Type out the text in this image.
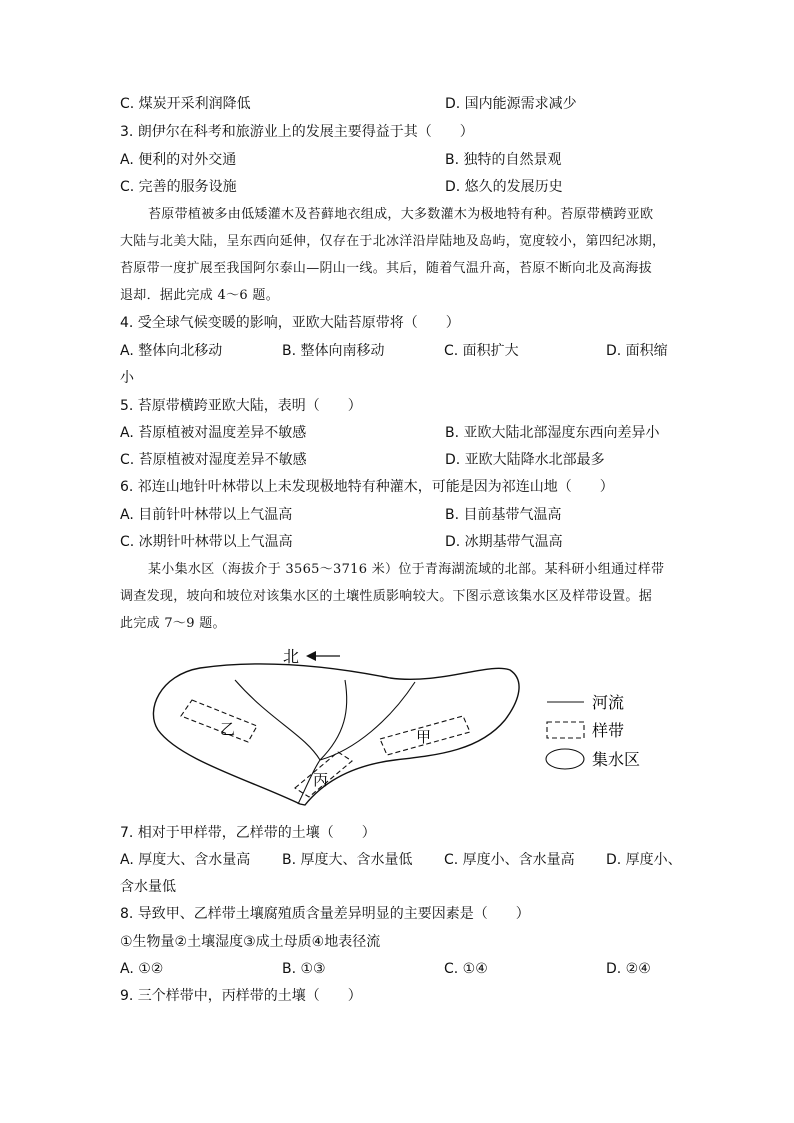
C. 煤炭开采利润降低	D. 国内能源需求减少
3. 朗伊尔在科考和旅游业上的发展主要得益于其（　　）
A. 便利的对外交通	B. 独特的自然景观
C. 完善的服务设施	D. 悠久的发展历史
苔原带植被多由低矮灌木及苔藓地衣组成，大多数灌木为极地特有种。苔原带横跨亚欧
大陆与北美大陆，呈东西向延伸，仅存在于北冰洋沿岸陆地及岛屿，宽度较小，第四纪冰期，
苔原带一度扩展至我国阿尔泰山—阴山一线。其后，随着气温升高，苔原不断向北及高海拔
退却．据此完成 4～6 题。
4. 受全球气候变暖的影响，亚欧大陆苔原带将（　　）
A. 整体向北移动	B. 整体向南移动	C. 面积扩大	D. 面积缩
小
5. 苔原带横跨亚欧大陆，表明（　　）
A. 苔原植被对温度差异不敏感	B. 亚欧大陆北部湿度东西向差异小
C. 苔原植被对湿度差异不敏感	D. 亚欧大陆降水北部最多
6. 祁连山地针叶林带以上未发现极地特有种灌木，可能是因为祁连山地（　　）
A. 目前针叶林带以上气温高	B. 目前基带气温高
C. 冰期针叶林带以上气温高	D. 冰期基带气温高
某小集水区（海拔介于 3565～3716 米）位于青海湖流域的北部。某科研小组通过样带
调查发现，坡向和坡位对该集水区的土壤性质影响较大。下图示意该集水区及样带设置。据
此完成 7～9 题。
北
乙	甲
丙
河流
样带
集水区
7. 相对于甲样带，乙样带的土壤（　　）
A. 厚度大、含水量高 B. 厚度大、含水量低 C. 厚度小、含水量高 D. 厚度小、
含水量低
8. 导致甲、乙样带土壤腐殖质含量差异明显的主要因素是（　　）
①生物量②土壤湿度③成土母质④地表径流
A. ①②	B. ①③	C. ①④	D. ②④
9. 三个样带中，丙样带的土壤（　　）
